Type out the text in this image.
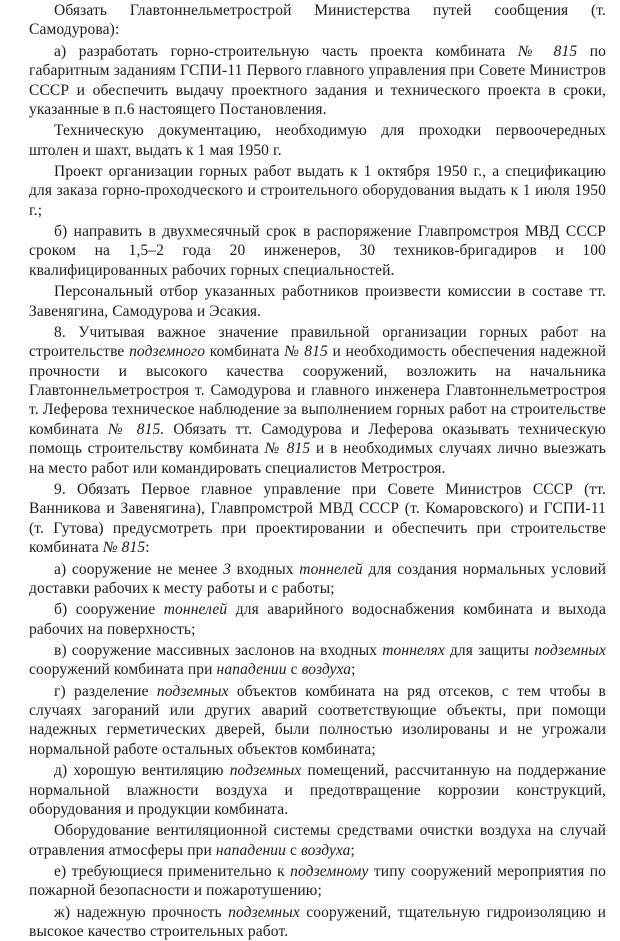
Обязать Главтоннельметрострой Министерства путей сообщения (т. Самодурова):

а) разработать горно-строительную часть проекта комбината № 815 по габаритным заданиям ГСПИ-11 Первого главного управления при Совете Министров СССР и обеспечить выдачу проектного задания и технического проекта в сроки, указанные в п.6 настоящего Постановления.

Техническую документацию, необходимую для проходки первоочередных штолен и шахт, выдать к 1 мая 1950 г.

Проект организации горных работ выдать к 1 октября 1950 г., а спецификацию для заказа горно-проходческого и строительного оборудования выдать к 1 июля 1950 г.;

б) направить в двухмесячный срок в распоряжение Главпромстроя МВД СССР сроком на 1,5–2 года 20 инженеров, 30 техников-бригадиров и 100 квалифицированных рабочих горных специальностей.

Персональный отбор указанных работников произвести комиссии в составе тт. Завенягина, Самодурова и Эсакия.

8. Учитывая важное значение правильной организации горных работ на строительстве подземного комбината № 815 и необходимость обеспечения надежной прочности и высокого качества сооружений, возложить на начальника Главтоннельметростроя т. Самодурова и главного инженера Главтоннельметростроя т. Леферова техническое наблюдение за выполнением горных работ на строительстве комбината № 815. Обязать тт. Самодурова и Леферова оказывать техническую помощь строительству комбината № 815 и в необходимых случаях лично выезжать на место работ или командировать специалистов Метростроя.

9. Обязать Первое главное управление при Совете Министров СССР (тт. Ванникова и Завенягина), Главпромстрой МВД СССР (т. Комаровского) и ГСПИ-11 (т. Гутова) предусмотреть при проектировании и обеспечить при строительстве комбината № 815:

а) сооружение не менее 3 входных тоннелей для создания нормальных условий доставки рабочих к месту работы и с работы;

б) сооружение тоннелей для аварийного водоснабжения комбината и выхода рабочих на поверхность;

в) сооружение массивных заслонов на входных тоннелях для защиты подземных сооружений комбината при нападении с воздуха;

г) разделение подземных объектов комбината на ряд отсеков, с тем чтобы в случаях загораний или других аварий соответствующие объекты, при помощи надежных герметических дверей, были полностью изолированы и не угрожали нормальной работе остальных объектов комбината;

д) хорошую вентиляцию подземных помещений, рассчитанную на поддержание нормальной влажности воздуха и предотвращение коррозии конструкций, оборудования и продукции комбината.

Оборудование вентиляционной системы средствами очистки воздуха на случай отравления атмосферы при нападении с воздуха;

е) требующиеся применительно к подземному типу сооружений мероприятия по пожарной безопасности и пожаротушению;

ж) надежную прочность подземных сооружений, тщательную гидроизоляцию и высокое качество строительных работ.
